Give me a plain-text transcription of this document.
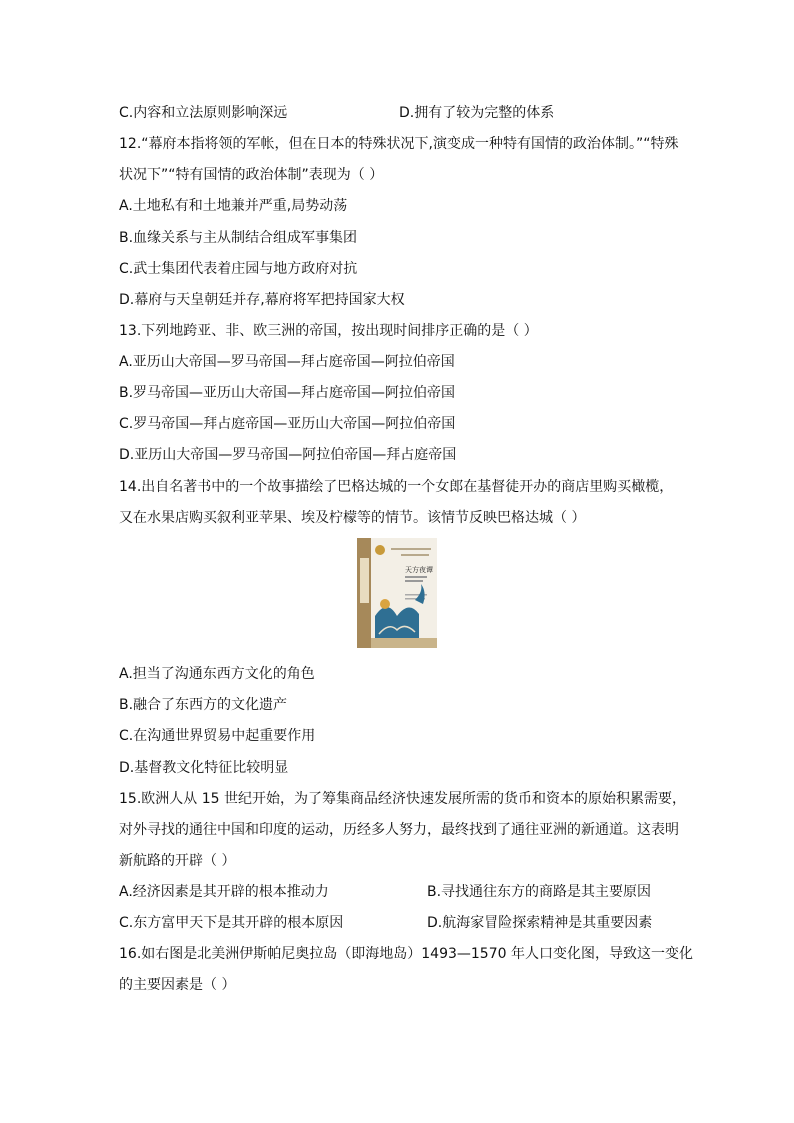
C.内容和立法原则影响深远	D.拥有了较为完整的体系
12.“幕府本指将领的军帐，但在日本的特殊状况下,演变成一种特有国情的政治体制。”“特殊
状况下”“特有国情的政治体制”表现为（ ）
A.土地私有和土地兼并严重,局势动荡
B.血缘关系与主从制结合组成军事集团
C.武士集团代表着庄园与地方政府对抗
D.幕府与天皇朝廷并存,幕府将军把持国家大权
13.下列地跨亚、非、欧三洲的帝国，按出现时间排序正确的是（ ）
A.亚历山大帝国—罗马帝国—拜占庭帝国—阿拉伯帝国
B.罗马帝国—亚历山大帝国—拜占庭帝国—阿拉伯帝国
C.罗马帝国—拜占庭帝国—亚历山大帝国—阿拉伯帝国
D.亚历山大帝国—罗马帝国—阿拉伯帝国—拜占庭帝国
14.出自名著书中的一个故事描绘了巴格达城的一个女郎在基督徒开办的商店里购买橄榄，
又在水果店购买叙利亚苹果、埃及柠檬等的情节。该情节反映巴格达城（ ）
天方夜谭
A.担当了沟通东西方文化的角色
B.融合了东西方的文化遗产
C.在沟通世界贸易中起重要作用
D.基督教文化特征比较明显
15.欧洲人从 15 世纪开始，为了筹集商品经济快速发展所需的货币和资本的原始积累需要，
对外寻找的通往中国和印度的运动，历经多人努力，最终找到了通往亚洲的新通道。这表明
新航路的开辟（ ）
A.经济因素是其开辟的根本推动力	B.寻找通往东方的商路是其主要原因
C.东方富甲天下是其开辟的根本原因	D.航海家冒险探索精神是其重要因素
16.如右图是北美洲伊斯帕尼奥拉岛（即海地岛）1493—1570 年人口变化图，导致这一变化
的主要因素是（ ）
